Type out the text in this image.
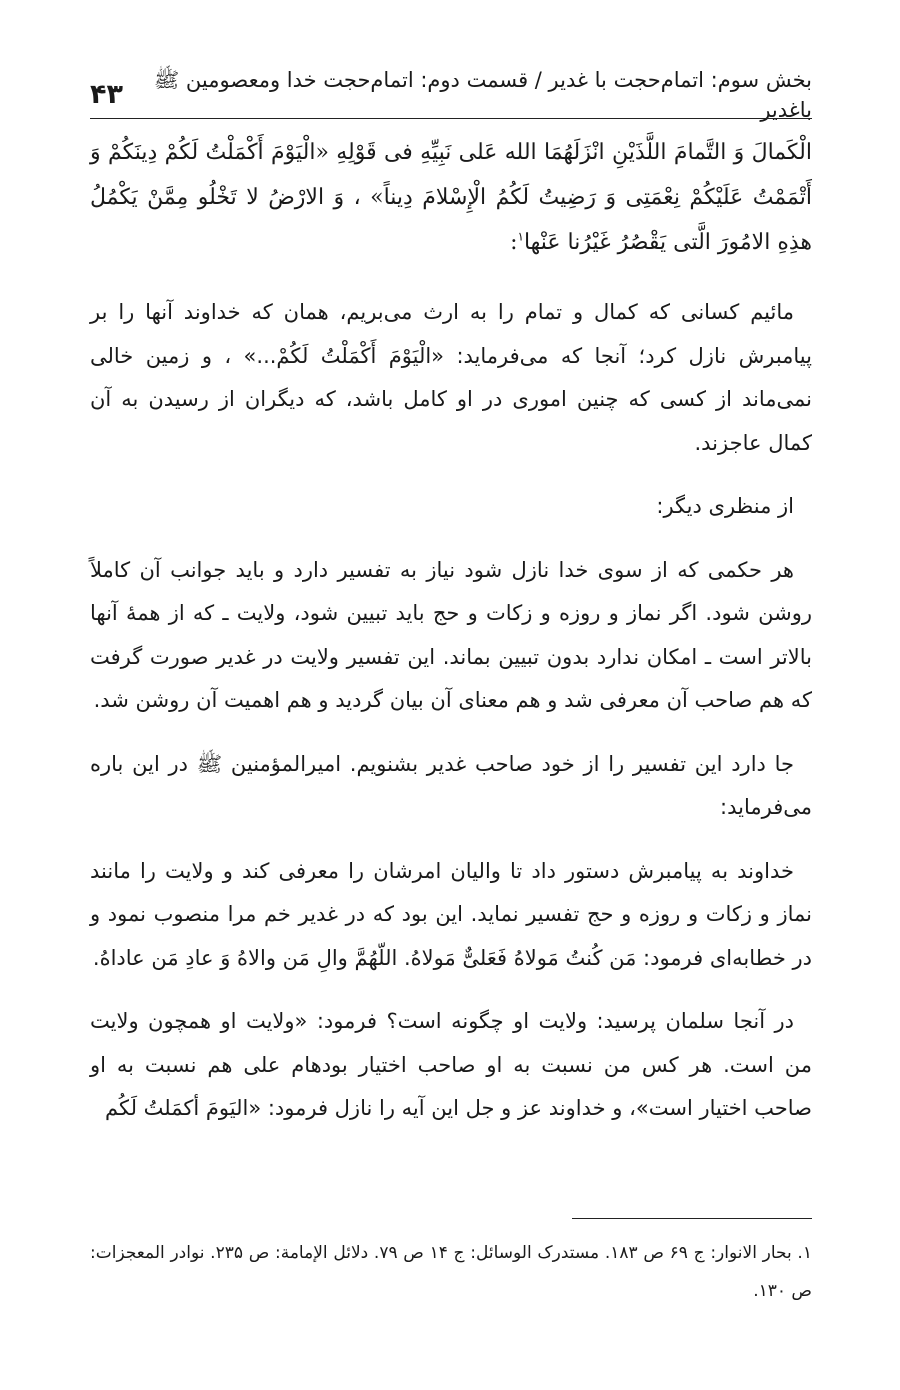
بخش سوم: اتمام‌حجت با غدیر / قسمت دوم: اتمام‌حجت خدا ومعصومین ﷺ باغدیر
۴۳

الْکَمالَ وَ التَّمامَ اللَّذَیْنِ انْزَلَهُمَا الله عَلی نَبِیِّهِ فی قَوْلِهِ «الْیَوْمَ أَکْمَلْتُ لَکُمْ دِینَکُمْ وَ أَتْمَمْتُ عَلَیْکُمْ نِعْمَتِی وَ رَضِیتُ لَکُمُ الْإِسْلامَ دِیناً» ، وَ الارْضُ لا تَخْلُو مِمَّنْ یَکْمُلُ هذِهِ الامُورَ الَّتی یَقْصُرُ غَیْرُنا عَنْها$^۱$:

مائیم کسانی که کمال و تمام را به ارث می‌بریم، همان که خداوند آنها را بر پیامبرش نازل کرد؛ آنجا که می‌فرماید: «الْیَوْمَ أَکْمَلْتُ لَکُمْ...» ، و زمین خالی نمی‌ماند از کسی که چنین اموری در او کامل باشد، که دیگران از رسیدن به آن کمال عاجزند.

از منظری دیگر:

هر حکمی که از سوی خدا نازل شود نیاز به تفسیر دارد و باید جوانب آن کاملاً روشن شود. اگر نماز و روزه و زکات و حج باید تبیین شود، ولایت ـ که از همهٔ آنها بالاتر است ـ امکان ندارد بدون تبیین بماند. این تفسیر ولایت در غدیر صورت گرفت که هم صاحب آن معرفی شد و هم معنای آن بیان گردید و هم اهمیت آن روشن شد.

جا دارد این تفسیر را از خود صاحب غدیر بشنویم. امیرالمؤمنین ﷺ در این باره می‌فرماید:

خداوند به پیامبرش دستور داد تا والیان امرشان را معرفی کند و ولایت را مانند نماز و زکات و روزه و حج تفسیر نماید. این بود که در غدیر خم مرا منصوب نمود و در خطابه‌ای فرمود: مَن کُنتُ مَولاهُ فَعَلیٌّ مَولاهُ. اللّهُمَّ والِ مَن والاهُ وَ عادِ مَن عاداهُ.

در آنجا سلمان پرسید: ولایت او چگونه است؟ فرمود: «ولایت او همچون ولایت من است. هر کس من نسبت به او صاحب اختیار بودهام علی هم نسبت به او صاحب اختیار است»، و خداوند عز و جل این آیه را نازل فرمود: «الیَومَ أکمَلتُ لَکُم

۱. بحار الانوار: ج ۶۹ ص ۱۸۳. مستدرک الوسائل: ج ۱۴ ص ۷۹. دلائل الإمامة: ص ۲۳۵. نوادر المعجزات: ص ۱۳۰.
